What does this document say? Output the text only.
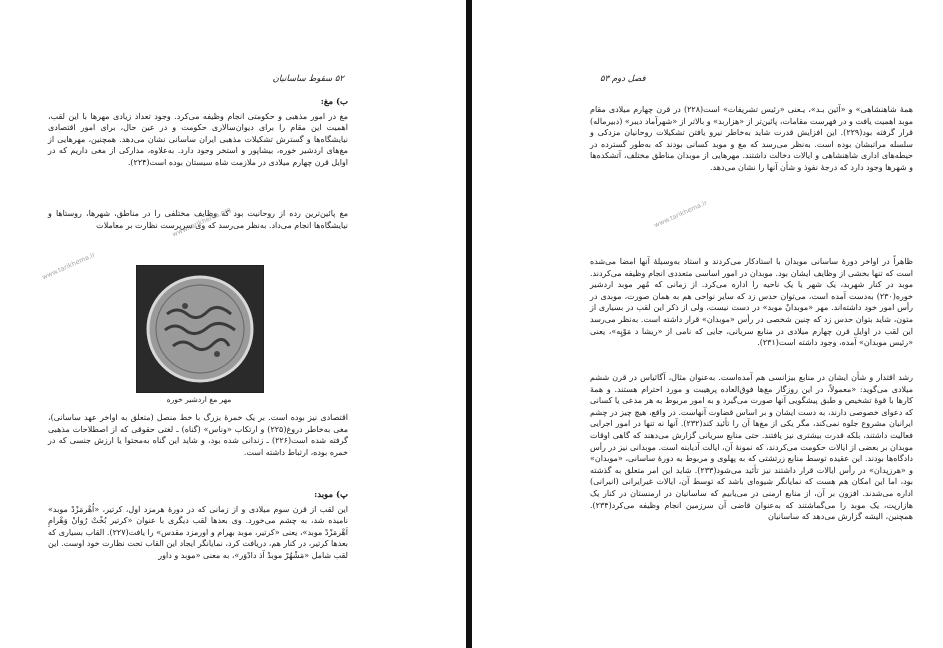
۵۲ سقوط ساسانیان

ب) مغ:

مغ در امور مذهبی و حکومتی انجام وظیفه می‌کرد. وجود تعداد زیادی مهرها با این لقب، اهمیت این مقام را برای دیوان‌سالاری حکومت و در عین حال، برای امور اقتصادی نیایشگاه‌ها و گسترش تشکیلات مذهبی ایران ساسانی نشان می‌دهد. همچنین، مهرهایی از مغ‌های اردشیر خوره، بیشاپور و استخر وجود دارد. به‌علاوه، مدارکی از مغی داریم که در اوایل قرن چهارم میلادی در ملازمت شاه سیستان بوده است(۲۲۴).

مغ پائین‌ترین رده از روحانیت بود که وظایف مختلفی را در مناطق، شهرها، روستاها و نیایشگاه‌ها انجام می‌داد. به‌نظر می‌رسد که وی سرپرست نظارت بر معاملات

مهر مغ اردشیر خوره

اقتصادی نیز بوده است. بر یک خمرهٔ بزرگ با خط منصل (متعلق به اواخر عهد ساسانی)، مغی به‌خاطر دروغ(۲۲۵) و ارتکاب «وناس» (گناه) ـ لغتی حقوقی که از اصطلاحات مذهبی گرفته شده است(۲۲۶) ـ زندانی شده بود، و شاید این گناه به‌محتوا یا ارزش جنسی که در خمره بوده، ارتباط داشته است.

پ) موبد:

این لقب از قرن سوم میلادی و از زمانی که در دورهٔ هرمزد اول، کرتیر، «اُهْرمَزْدْ موبد» نامیده شد، به چشم می‌خورد. وی بعدها لقب دیگری با عنوان «کرتیر بُخْتْ رُوانْ وَهْرامِ اَهْرمَزْدْ موبد»، یعنی «کرتیر، موبد بهرام و اورمزد مقدس» را یافت(۲۲۷). القاب بسیاری که بعدها کرتیر، در کنار هم، دریافت کرد، نمایانگر ایجاد این القاب تحت نظارت خود اوست. این لقب شامل «مَشْهُرْ موبدْ آذ دادْوَر»، به معنی «موبد و داور

www.tarikhema.ir
www.tarikhema.org
فصل دوم ۵۳

همهٔ شاهنشاهی» و «آئین بـد»، یـعنی «رئیس تشریفات» است(۲۲۸) در قرن چهارم میلادی مقام موبد اهمیت یافت و در فهرست مقامات، پائین‌تر از «هزاربد» و بالاتر از «شهرآماد دیبر» (دبیرماله) قرار گرفته بود(۲۲۹). این افزایش قدرت شاید به‌خاطر نیرو یافتن تشکیلات روحانیان مزدکی و سلسله مراتبشان بوده است. به‌نظر می‌رسد که مغ و موبد کسانی بودند که به‌طور گسترده در حیطه‌های اداری شاهنشاهی و ایالات دخالت داشتند. مهرهایی از موبدان مناطق مختلف، آتشکده‌ها و شهرها وجود دارد که درجهٔ نفوذ و شأن آنها را نشان می‌دهد.

ظاهراً در اواخر دورهٔ ساسانی موبدان با استادکار می‌کردند و استاد به‌وسیلهٔ آنها امضا می‌شده است که تنها بخشی از وظایف ایشان بود. موبدان در امور اساسی متعددی انجام وظیفه می‌کردند. موبد در کنار شهربد، یک شهر یا یک ناحیه را اداره می‌کرد. از زمانی که مُهر موبد اردشیر خوره(۲۳۰) به‌دست آمده است، می‌توان حدس زد که سایر نواحی هم به همان صورت، موبدی در رأس امور خود داشته‌اند. مهر «موبدانْ موبد» در دست نیست، ولی از ذکر این لقب در بسیاری از متون، شاید بتوان حدس زد که چنین شخصی در رأس «موبدان» قرار داشته است. به‌نظر می‌رسد این لقب در اوایل قرن چهارم میلادی در منابع سریانی، جایی که نامی از «ریشا د مَوْپِه»، یعنی «رئیس موبدان» آمده، وجود داشته است(۲۳۱).

رشد اقتدار و شأن ایشان در منابع بیزانسی هم آمده‌است. به‌عنوان مثال، آگاثیاس در قرن ششم میلادی می‌گوید: «معمولاً، در این روزگار مغ‌ها فوق‌العاده پرهیبت و مورد احترام هستند. و همهٔ کارها با قوهٔ تشخیص و طبق پیشگویی آنها صورت می‌گیرد و به امور مربوط به هر مدعی یا کسانی که دعوای خصوصی دارند، به دست ایشان و بر اساس قضاوت آنهاست. در واقع، هیچ چیز در چشم ایرانیان مشروع جلوه نمی‌کند، مگر یکی از مغ‌ها آن را تأئید کند(۲۳۲). آنها نه تنها در امور اجرایی فعالیت داشتند، بلکه قدرت بیشتری نیز یافتند. حتی منابع سریانی گزارش می‌دهند که گاهی اوقات موبدان بر بعضی از ایالات حکومت می‌کردند، که نمونهٔ آن، ایالت آدیابنه است. موبدانی نیز در رأس دادگاه‌ها بودند. این عقیده توسط منابع زرتشتی که به پهلوی و مربوط به دورهٔ ساسانی، «موبدان» و «هرزپدان» در رأس ایالات قرار داشتند نیز تأئید می‌شود(۲۳۳). شاید این امر متعلق به گذشته بود، اما این امکان هم هست که نمایانگر شیوه‌ای باشد که توسط آن، ایالات غیرایرانی (انیرانی) اداره می‌شدند. افزون بر آن، از منابع ارمنی در می‌یابیم که ساسانیان در ارمنستان در کنار یک هازارپت، یک موبد را می‌گماشتند که به‌عنوان قاضی آن سرزمین انجام وظیفه می‌کرد(۲۳۴). همچنین، الیشه گزارش می‌دهد که ساسانیان

www.tarikhema.ir
